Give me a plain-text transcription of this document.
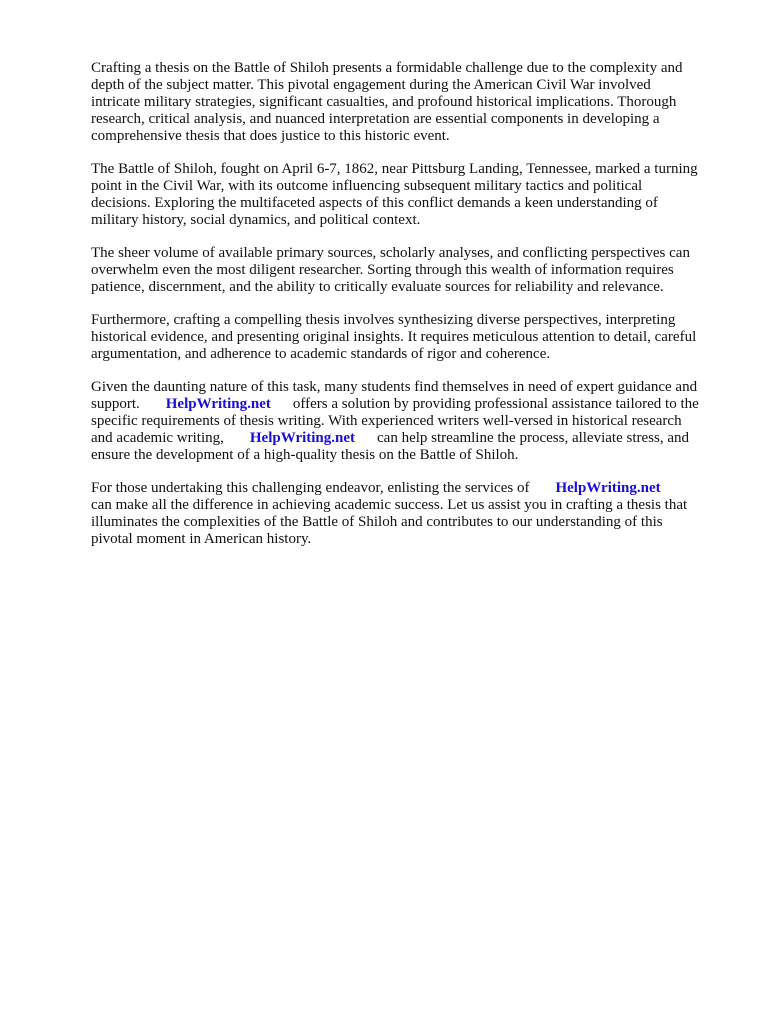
Crafting a thesis on the Battle of Shiloh presents a formidable challenge due to the complexity and
depth of the subject matter. This pivotal engagement during the American Civil War involved
intricate military strategies, significant casualties, and profound historical implications. Thorough
research, critical analysis, and nuanced interpretation are essential components in developing a
comprehensive thesis that does justice to this historic event.

The Battle of Shiloh, fought on April 6-7, 1862, near Pittsburg Landing, Tennessee, marked a turning
point in the Civil War, with its outcome influencing subsequent military tactics and political
decisions. Exploring the multifaceted aspects of this conflict demands a keen understanding of
military history, social dynamics, and political context.

The sheer volume of available primary sources, scholarly analyses, and conflicting perspectives can
overwhelm even the most diligent researcher. Sorting through this wealth of information requires
patience, discernment, and the ability to critically evaluate sources for reliability and relevance.

Furthermore, crafting a compelling thesis involves synthesizing diverse perspectives, interpreting
historical evidence, and presenting original insights. It requires meticulous attention to detail, careful
argumentation, and adherence to academic standards of rigor and coherence.

Given the daunting nature of this task, many students find themselves in need of expert guidance and
support. HelpWriting.net offers a solution by providing professional assistance tailored to the
specific requirements of thesis writing. With experienced writers well-versed in historical research
and academic writing, HelpWriting.net can help streamline the process, alleviate stress, and
ensure the development of a high-quality thesis on the Battle of Shiloh.

For those undertaking this challenging endeavor, enlisting the services of HelpWriting.net
can make all the difference in achieving academic success. Let us assist you in crafting a thesis that
illuminates the complexities of the Battle of Shiloh and contributes to our understanding of this
pivotal moment in American history.
